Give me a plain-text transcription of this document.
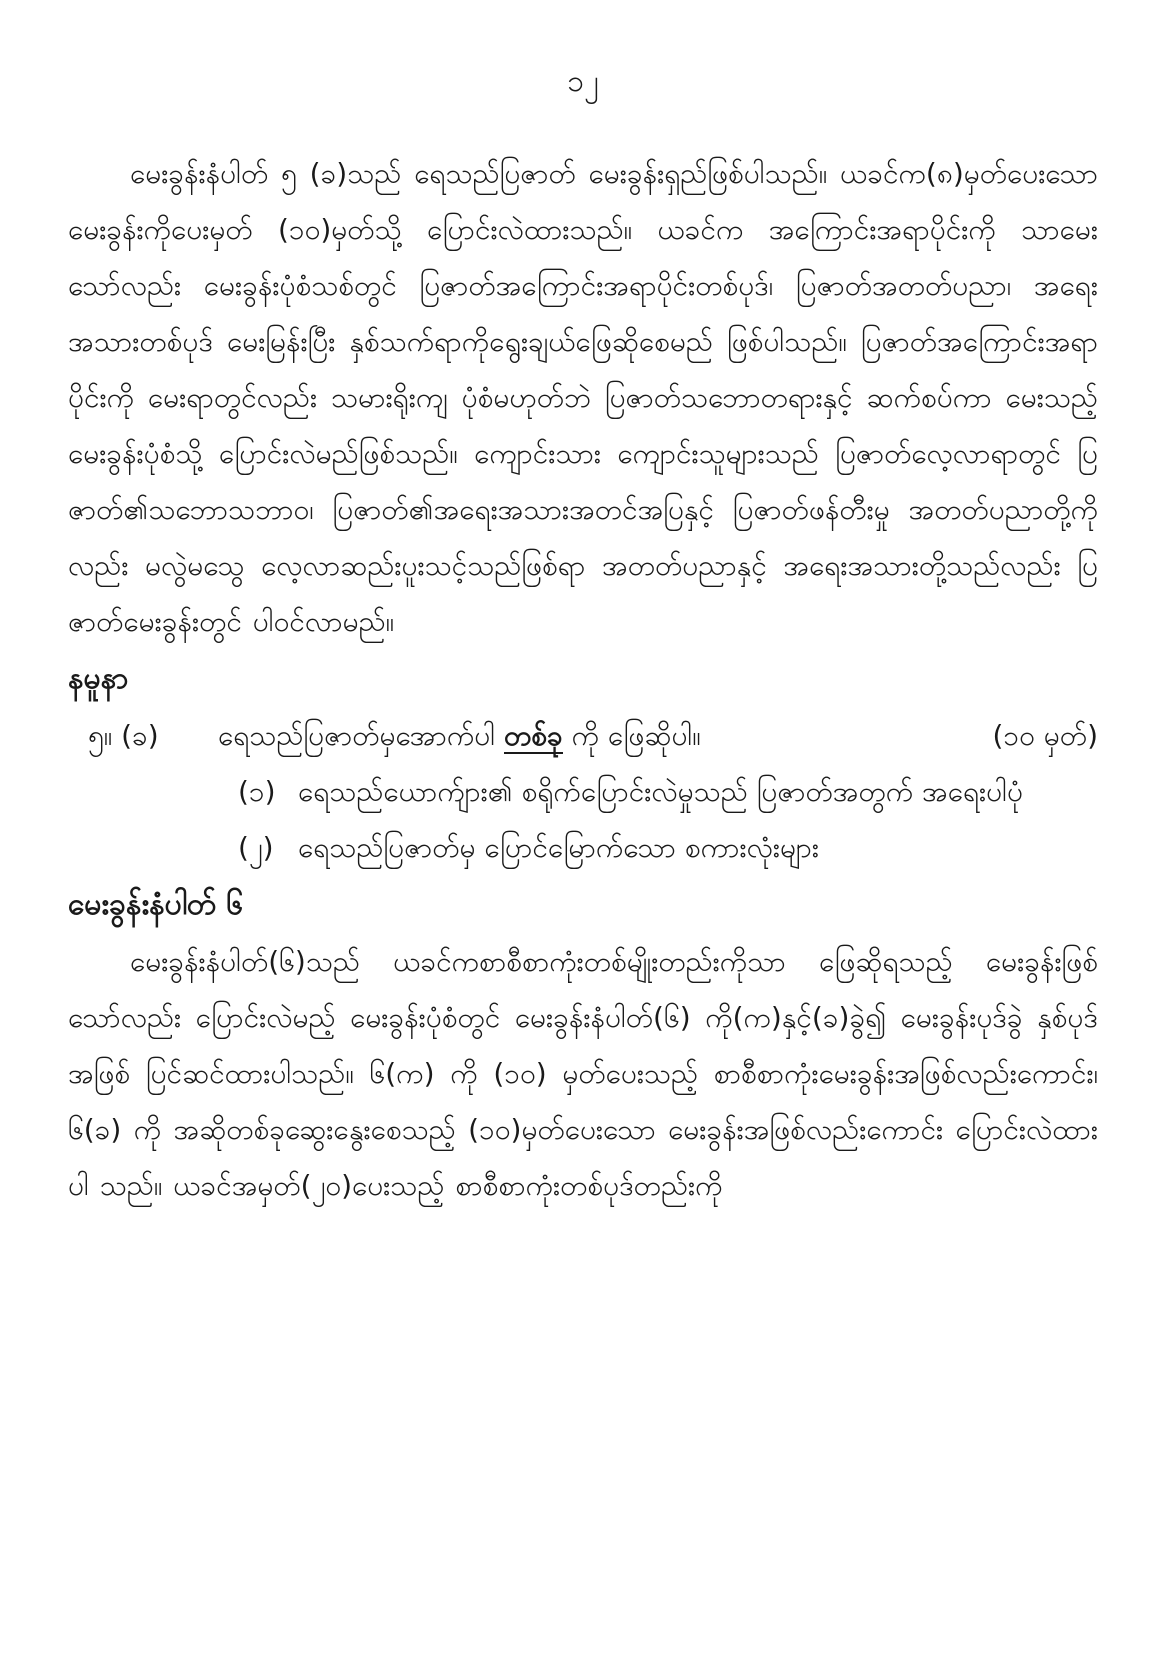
၁၂

မေးခွန်းနံပါတ် ၅ (ခ)သည် ရေသည်ပြဇာတ် မေးခွန်းရှည်ဖြစ်ပါသည်။ ယခင်က(၈)မှတ်ပေးသော မေးခွန်းကိုပေးမှတ် (၁၀)မှတ်သို့ ပြောင်းလဲထားသည်။ ယခင်က အကြောင်းအရာပိုင်းကို သာမေးသော်လည်း မေးခွန်းပုံစံသစ်တွင် ပြဇာတ်အကြောင်းအရာပိုင်းတစ်ပုဒ်၊ ပြဇာတ်အတတ်ပညာ၊ အရေးအသားတစ်ပုဒ် မေးမြန်းပြီး နှစ်သက်ရာကိုရွေးချယ်ဖြေဆိုစေမည် ဖြစ်ပါသည်။ ပြဇာတ်အကြောင်းအရာပိုင်းကို မေးရာတွင်လည်း သမားရိုးကျ ပုံစံမဟုတ်ဘဲ ပြဇာတ်သဘောတရားနှင့် ဆက်စပ်ကာ မေးသည့် မေးခွန်းပုံစံသို့ ပြောင်းလဲမည်ဖြစ်သည်။ ကျောင်းသား ကျောင်းသူများသည် ပြဇာတ်လေ့လာရာတွင် ပြဇာတ်၏သဘောသဘာဝ၊ ပြဇာတ်၏အရေးအသားအတင်အပြနှင့် ပြဇာတ်ဖန်တီးမှု အတတ်ပညာတို့ကိုလည်း မလွဲမသွေ လေ့လာဆည်းပူးသင့်သည်ဖြစ်ရာ အတတ်ပညာနှင့် အရေးအသားတို့သည်လည်း ပြဇာတ်မေးခွန်းတွင် ပါဝင်လာမည်။

နမူနာ

၅။ (ခ)	ရေသည်ပြဇာတ်မှအောက်ပါ တစ်ခု ကို ဖြေဆိုပါ။	(၁၀ မှတ်)
(၁) ရေသည်ယောက်ျား၏ စရိုက်ပြောင်းလဲမှုသည် ပြဇာတ်အတွက် အရေးပါပုံ
(၂) ရေသည်ပြဇာတ်မှ ပြောင်မြောက်သော စကားလုံးများ

မေးခွန်းနံပါတ် ၆

မေးခွန်းနံပါတ်(၆)သည် ယခင်ကစာစီစာကုံးတစ်မျိုးတည်းကိုသာ ဖြေဆိုရသည့် မေးခွန်းဖြစ်သော်လည်း ပြောင်းလဲမည့် မေးခွန်းပုံစံတွင် မေးခွန်းနံပါတ်(၆) ကို(က)နှင့်(ခ)ခွဲ၍ မေးခွန်းပုဒ်ခွဲ နှစ်ပုဒ်အဖြစ် ပြင်ဆင်ထားပါသည်။ ၆(က) ကို (၁၀) မှတ်ပေးသည့် စာစီစာကုံးမေးခွန်းအဖြစ်လည်းကောင်း၊ ၆(ခ) ကို အဆိုတစ်ခုဆွေးနွေးစေသည့် (၁၀)မှတ်ပေးသော မေးခွန်းအဖြစ်လည်းကောင်း ပြောင်းလဲထားပါ သည်။ ယခင်အမှတ်(၂၀)ပေးသည့် စာစီစာကုံးတစ်ပုဒ်တည်းကို
